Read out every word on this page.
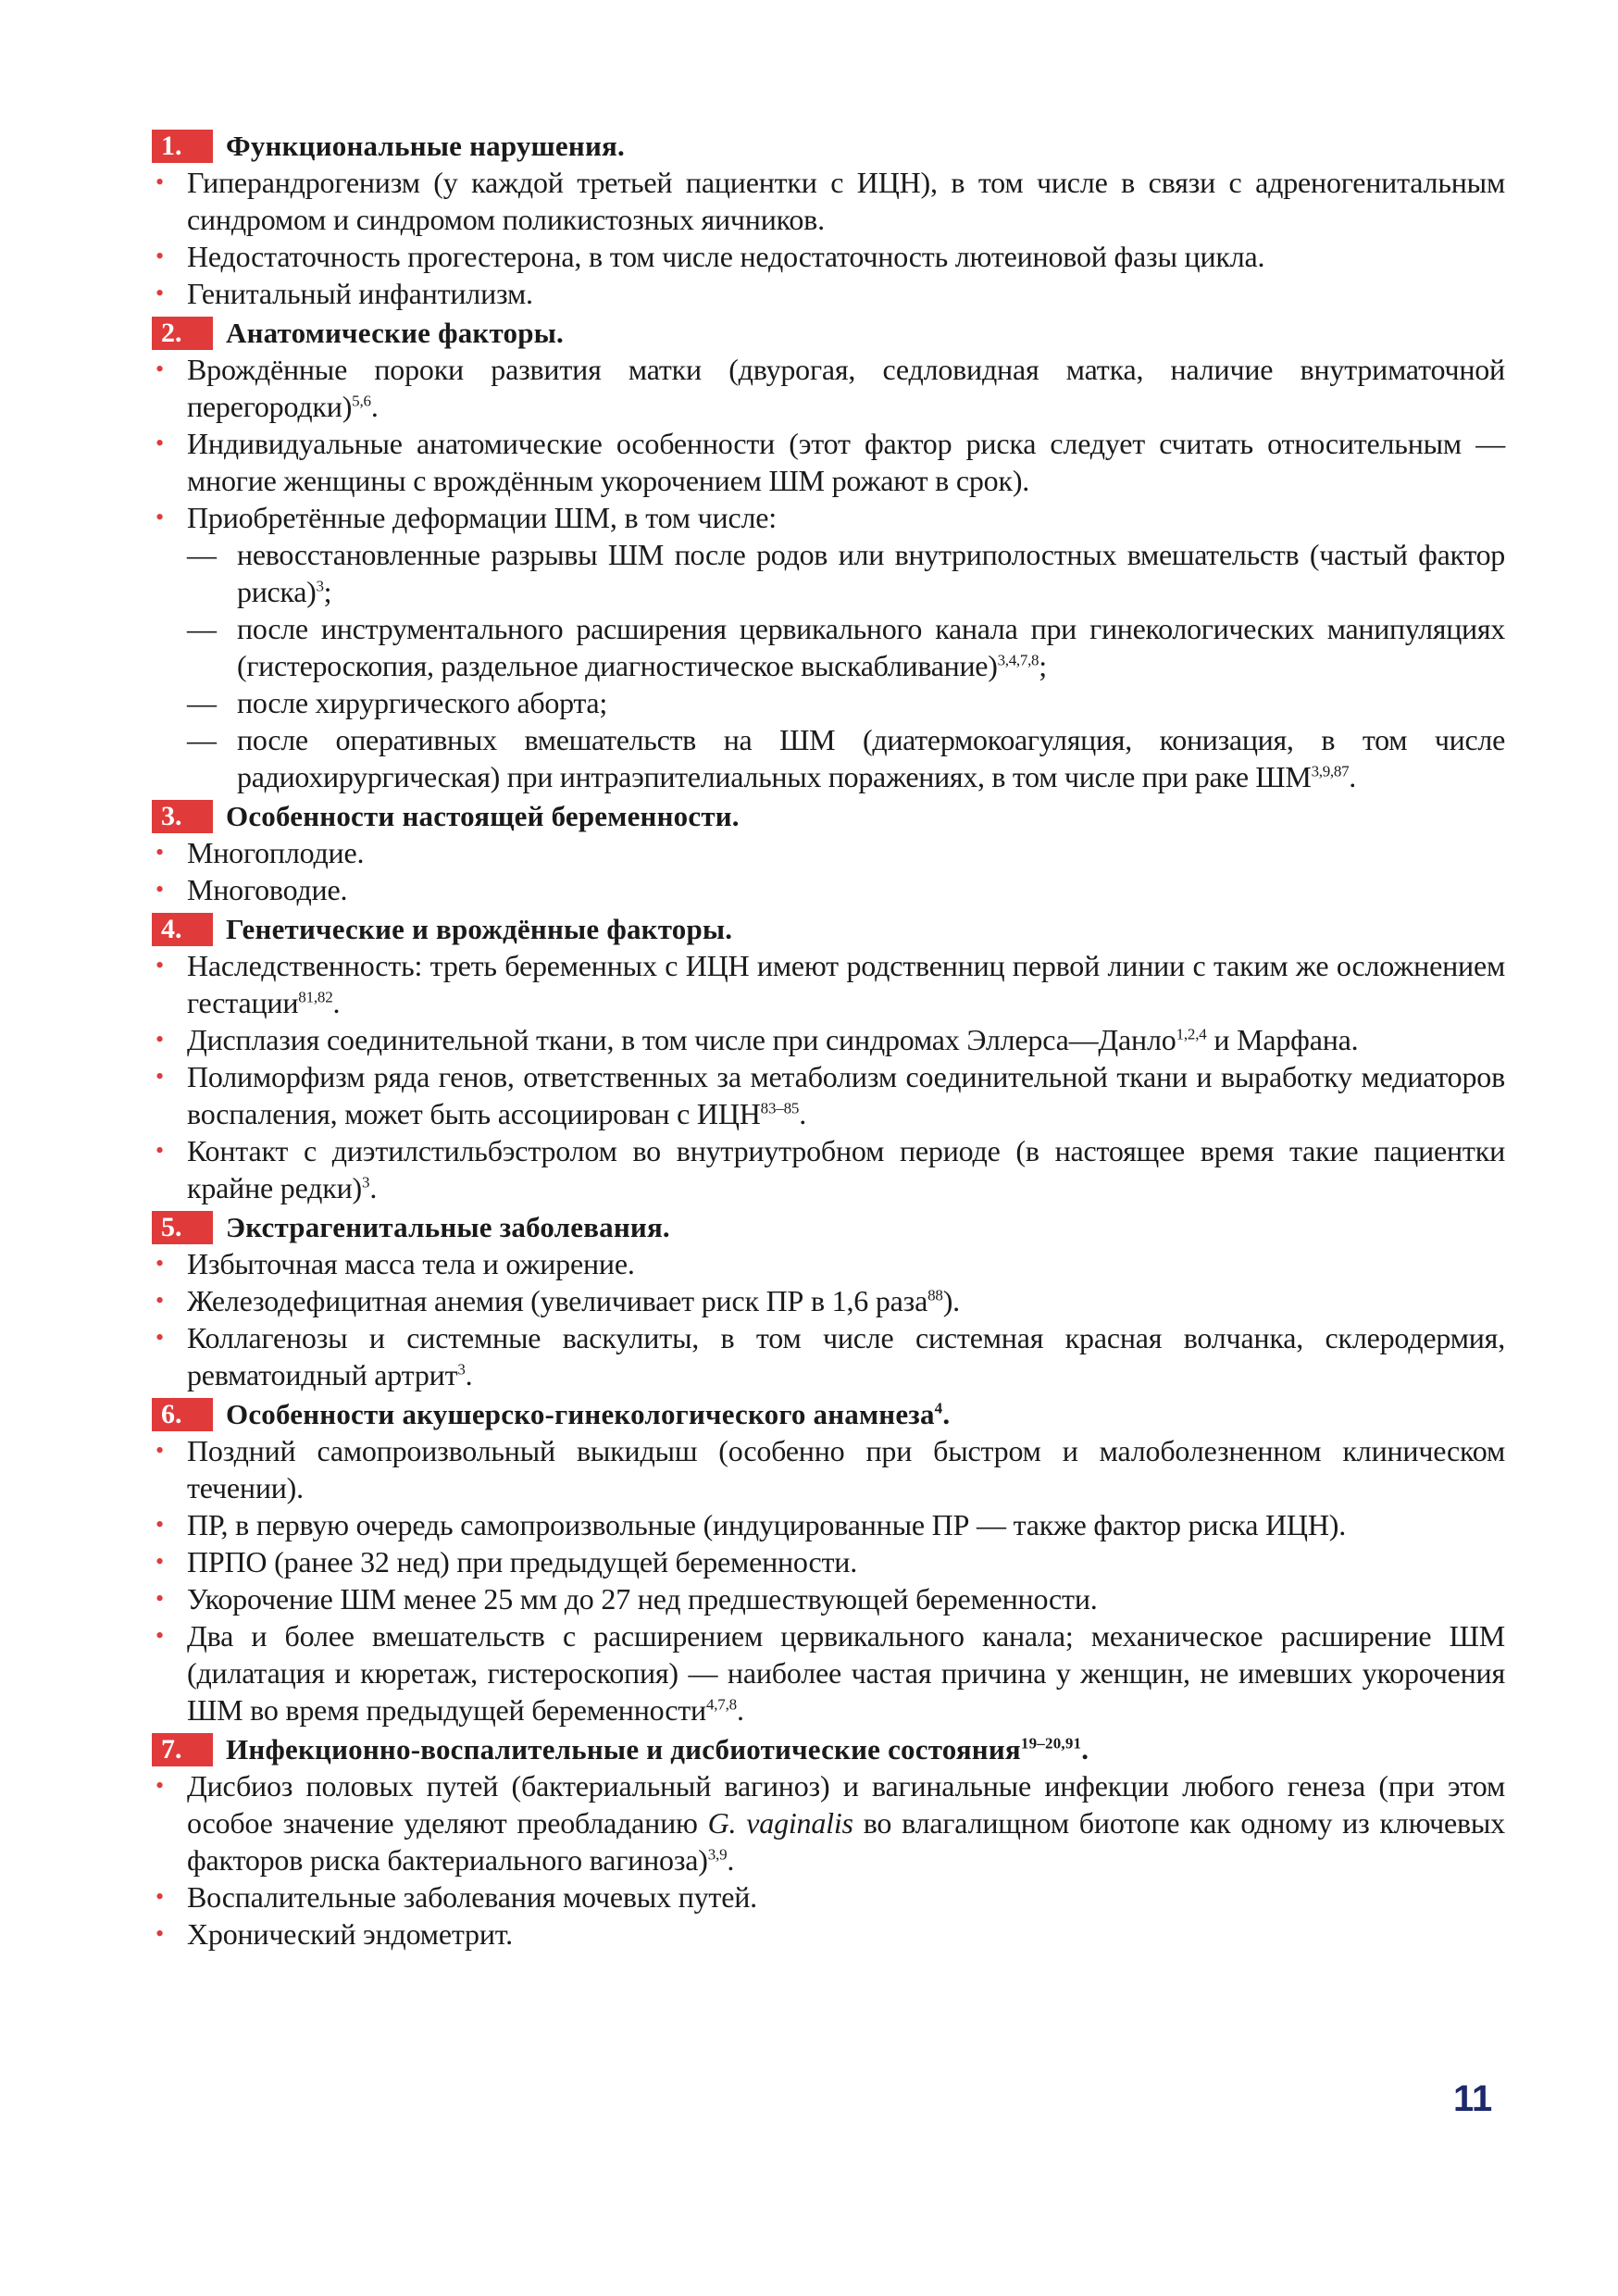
1.	Функциональные нарушения.
• Гиперандрогенизм (у каждой третьей пациентки с ИЦН), в том числе в связи с адреногенитальным синдромом и синдромом поликистозных яичников.
• Недостаточность прогестерона, в том числе недостаточность лютеиновой фазы цикла.
• Генитальный инфантилизм.
2.	Анатомические факторы.
• Врождённые пороки развития матки (двурогая, седловидная матка, наличие внутриматочной перегородки)$^{5,6}$.
• Индивидуальные анатомические особенности (этот фактор риска следует считать относительным — многие женщины с врождённым укорочением ШМ рожают в срок).
• Приобретённые деформации ШМ, в том числе:
— невосстановленные разрывы ШМ после родов или внутриполостных вмешательств (частый фактор риска)$^3$;
— после инструментального расширения цервикального канала при гинекологических манипуляциях (гистероскопия, раздельное диагностическое выскабливание)$^{3,4,7,8}$;
— после хирургического аборта;
— после оперативных вмешательств на ШМ (диатермокоагуляция, конизация, в том числе радиохирургическая) при интраэпителиальных поражениях, в том числе при раке ШМ$^{3,9,87}$.
3.	Особенности настоящей беременности.
• Многоплодие.
• Многоводие.
4.	Генетические и врождённые факторы.
• Наследственность: треть беременных с ИЦН имеют родственниц первой линии с таким же осложнением гестации$^{81,82}$.
• Дисплазия соединительной ткани, в том числе при синдромах Эллерса—Данло$^{1,2,4}$ и Марфана.
• Полиморфизм ряда генов, ответственных за метаболизм соединительной ткани и выработку медиаторов воспаления, может быть ассоциирован с ИЦН$^{83-85}$.
• Контакт с диэтилстильбэстролом во внутриутробном периоде (в настоящее время такие пациентки крайне редки)$^3$.
5.	Экстрагенитальные заболевания.
• Избыточная масса тела и ожирение.
• Железодефицитная анемия (увеличивает риск ПР в 1,6 раза$^{88}$).
• Коллагенозы и системные васкулиты, в том числе системная красная волчанка, склеродермия, ревматоидный артрит$^3$.
6.	Особенности акушерско-гинекологического анамнеза$^4$.
• Поздний самопроизвольный выкидыш (особенно при быстром и малоболезненном клиническом течении).
• ПР, в первую очередь самопроизвольные (индуцированные ПР — также фактор риска ИЦН).
• ПРПО (ранее 32 нед) при предыдущей беременности.
• Укорочение ШМ менее 25 мм до 27 нед предшествующей беременности.
• Два и более вмешательств с расширением цервикального канала; механическое расширение ШМ (дилатация и кюретаж, гистероскопия) — наиболее частая причина у женщин, не имевших укорочения ШМ во время предыдущей беременности$^{4,7,8}$.
7.	Инфекционно-воспалительные и дисбиотические состояния$^{19-20,91}$.
• Дисбиоз половых путей (бактериальный вагиноз) и вагинальные инфекции любого генеза (при этом особое значение уделяют преобладанию G. vaginalis во влагалищном биотопе как одному из ключевых факторов риска бактериального вагиноза)$^{3,9}$.
• Воспалительные заболевания мочевых путей.
• Хронический эндометрит.
11
